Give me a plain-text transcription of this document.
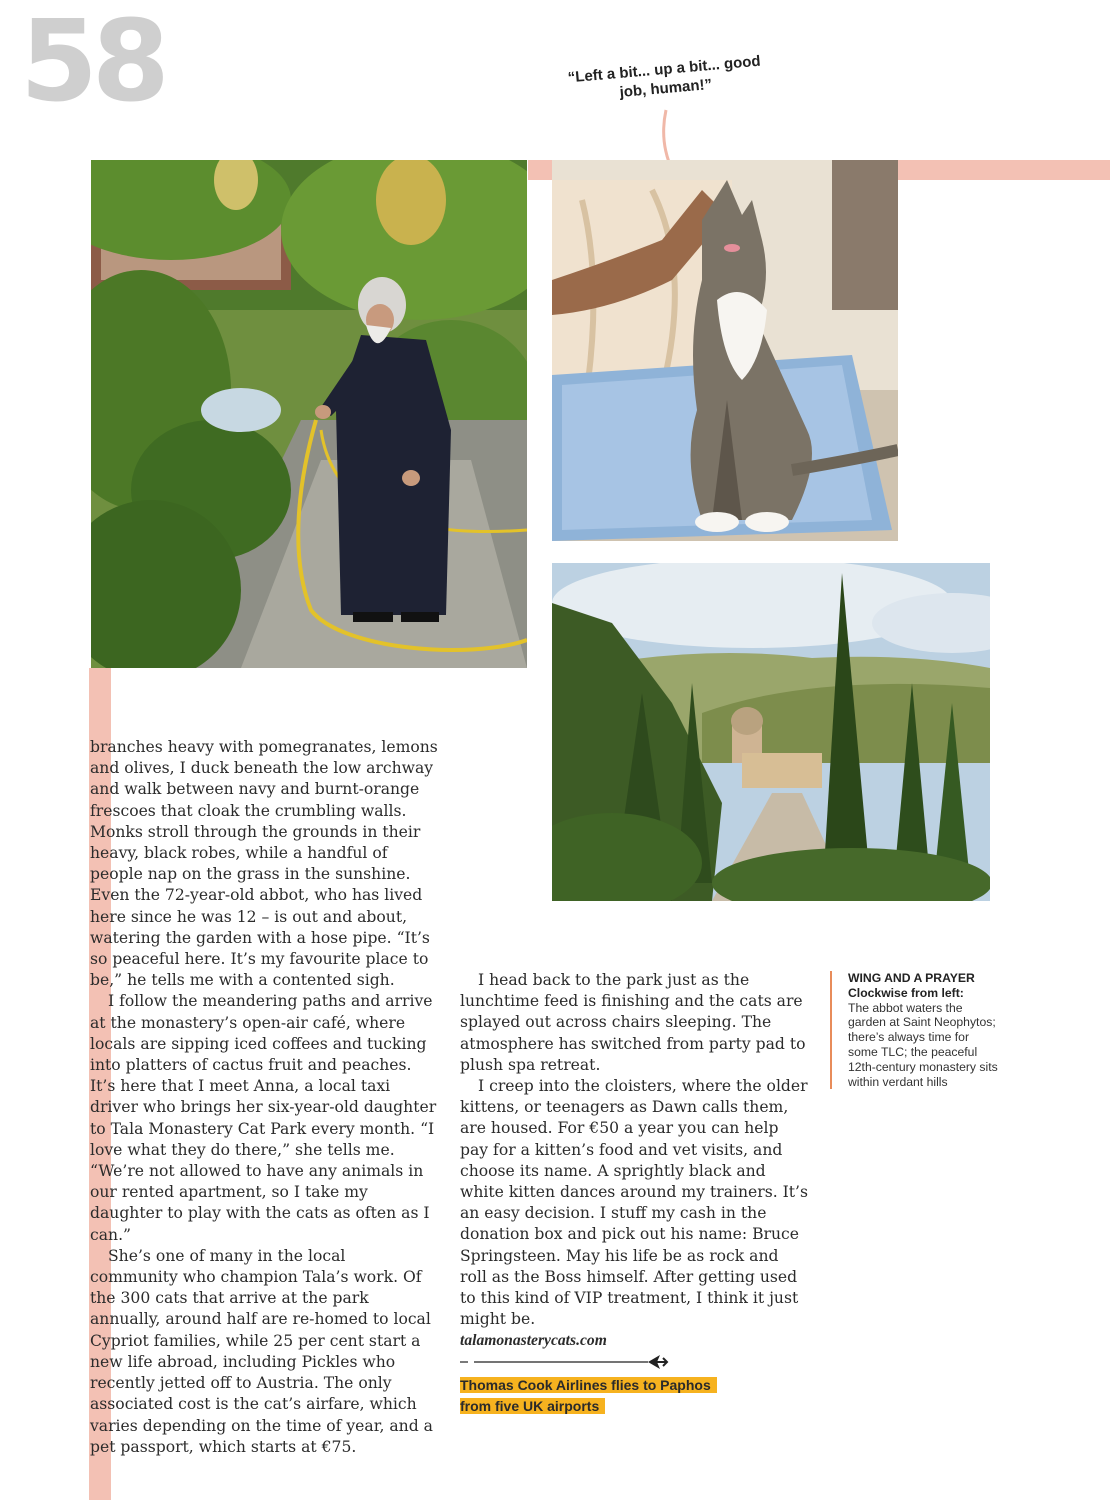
58	“Left a bit... up a bit... good job, human!”

branches heavy with pomegranates, lemons and olives, I duck beneath the low archway and walk between navy and burnt-orange frescoes that cloak the crumbling walls. Monks stroll through the grounds in their heavy, black robes, while a handful of people nap on the grass in the sunshine. Even the 72-year-old abbot, who has lived here since he was 12 – is out and about, watering the garden with a hose pipe. “It’s so peaceful here. It’s my favourite place to be,” he tells me with a contented sigh.

I follow the meandering paths and arrive at the monastery’s open-air café, where locals are sipping iced coffees and tucking into platters of cactus fruit and peaches. It’s here that I meet Anna, a local taxi driver who brings her six-year-old daughter to Tala Monastery Cat Park every month. “I love what they do there,” she tells me. “We’re not allowed to have any animals in our rented apartment, so I take my daughter to play with the cats as often as I can.”

She’s one of many in the local community who champion Tala’s work. Of the 300 cats that arrive at the park annually, around half are re-homed to local Cypriot families, while 25 per cent start a new life abroad, including Pickles who recently jetted off to Austria. The only associated cost is the cat’s airfare, which varies depending on the time of year, and a pet passport, which starts at €75.

I head back to the park just as the lunchtime feed is finishing and the cats are splayed out across chairs sleeping. The atmosphere has switched from party pad to plush spa retreat.

I creep into the cloisters, where the older kittens, or teenagers as Dawn calls them, are housed. For €50 a year you can help pay for a kitten’s food and vet visits, and choose its name. A sprightly black and white kitten dances around my trainers. It’s an easy decision. I stuff my cash in the donation box and pick out his name: Bruce Springsteen. May his life be as rock and roll as the Boss himself. After getting used to this kind of VIP treatment, I think it just might be.

talamonasterycats.com

WING AND A PRAYER
Clockwise from left:
The abbot waters the garden at Saint Neophytos; there’s always time for some TLC; the peaceful 12th-century monastery sits within verdant hills
Thomas Cook Airlines flies to Paphos
from five UK airports
